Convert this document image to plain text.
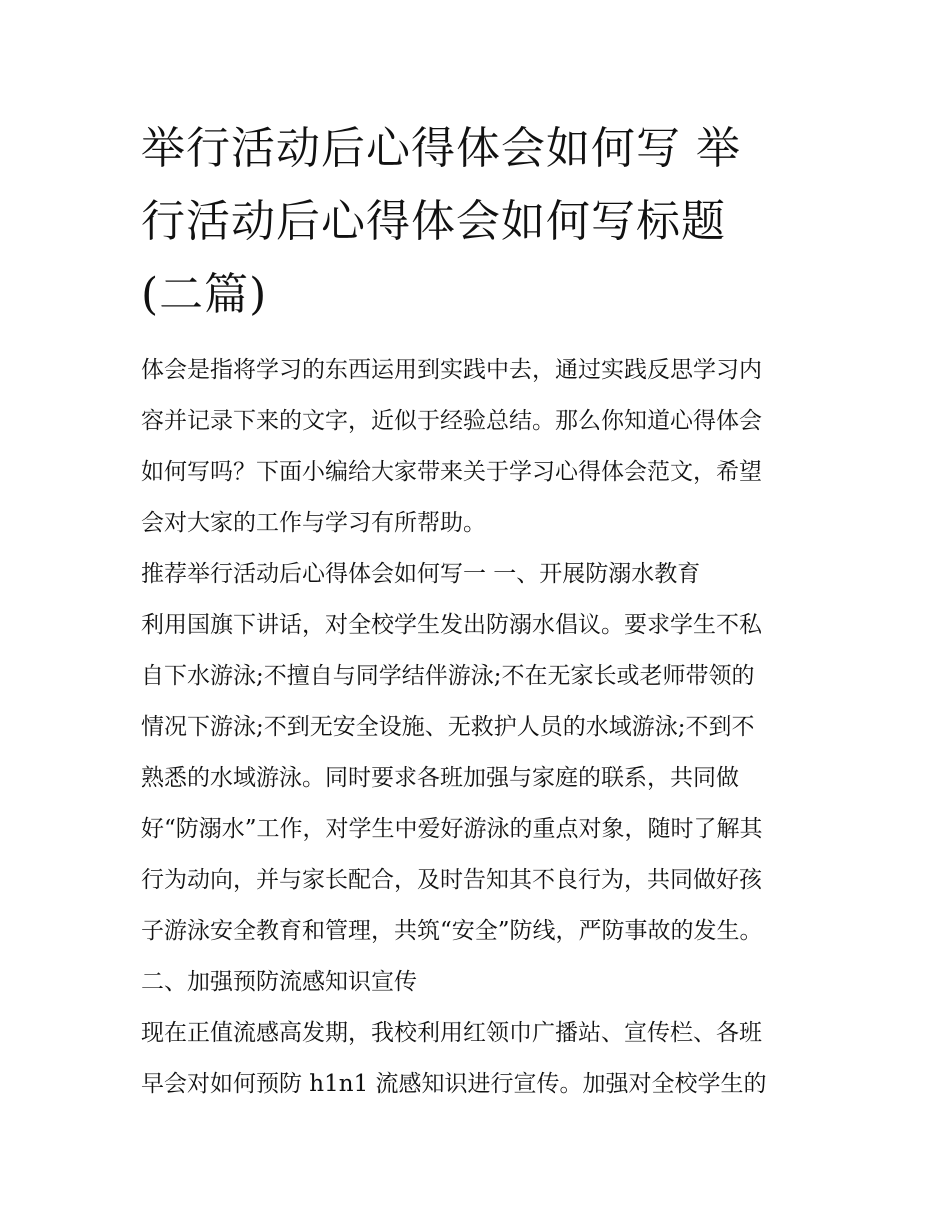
举行活动后心得体会如何写 举
行活动后心得体会如何写标题
(二篇)
体会是指将学习的东西运用到实践中去，通过实践反思学习内
容并记录下来的文字，近似于经验总结。那么你知道心得体会
如何写吗？下面小编给大家带来关于学习心得体会范文，希望
会对大家的工作与学习有所帮助。
推荐举行活动后心得体会如何写一 一、开展防溺水教育
利用国旗下讲话，对全校学生发出防溺水倡议。要求学生不私
自下水游泳;不擅自与同学结伴游泳;不在无家长或老师带领的
情况下游泳;不到无安全设施、无救护人员的水域游泳;不到不
熟悉的水域游泳。同时要求各班加强与家庭的联系，共同做
好“防溺水”工作，对学生中爱好游泳的重点对象，随时了解其
行为动向，并与家长配合，及时告知其不良行为，共同做好孩
子游泳安全教育和管理，共筑“安全”防线，严防事故的发生。
二、加强预防流感知识宣传
现在正值流感高发期，我校利用红领巾广播站、宣传栏、各班
早会对如何预防 h1n1 流感知识进行宣传。加强对全校学生的
